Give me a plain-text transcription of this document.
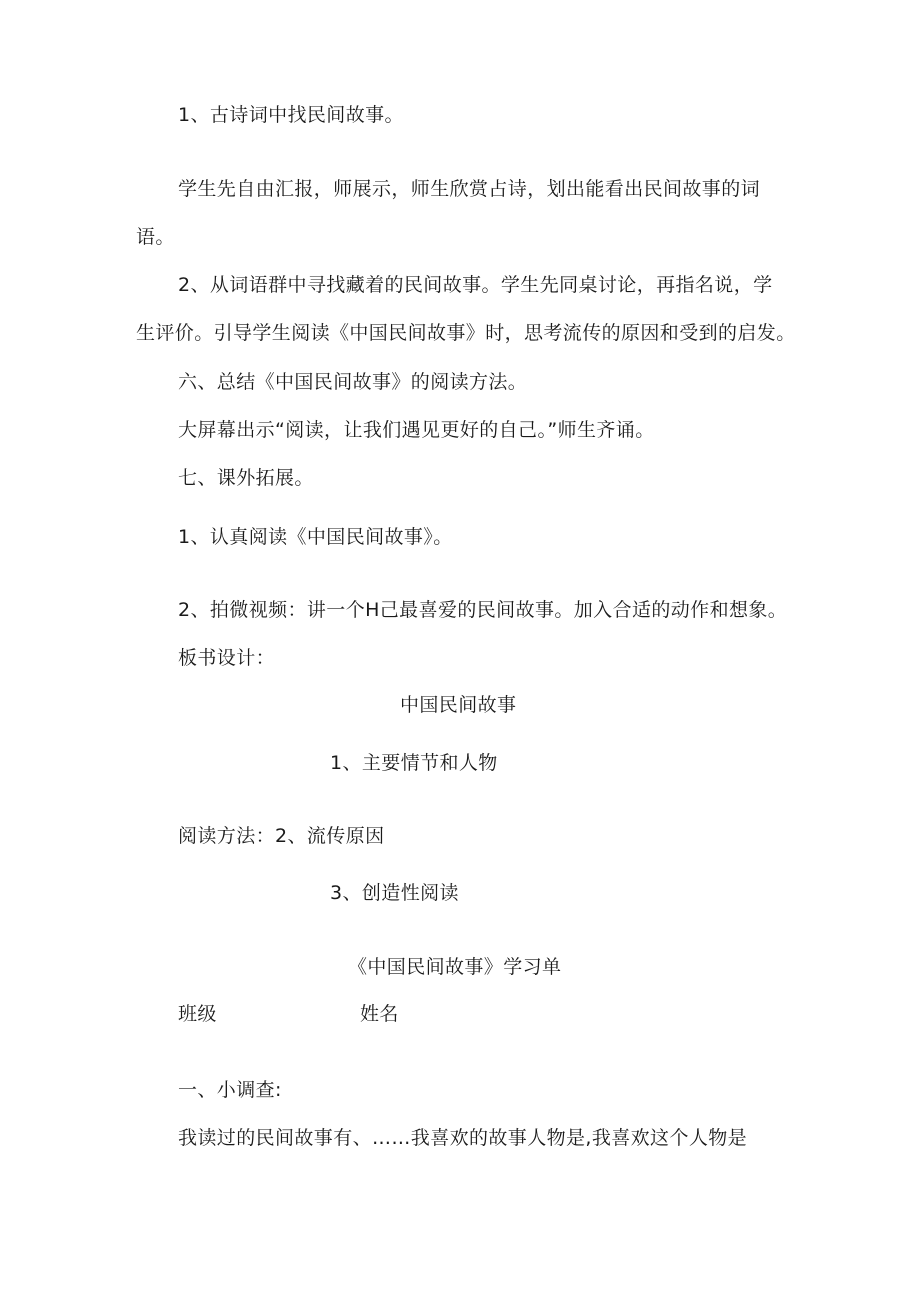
1、古诗词中找民间故事。
学生先自由汇报，师展示，师生欣赏占诗，划出能看出民间故事的词
语。
2、从词语群中寻找藏着的民间故事。学生先同桌讨论，再指名说，学
生评价。引导学生阅读《中国民间故事》时，思考流传的原因和受到的启发。
六、总结《中国民间故事》的阅读方法。
大屏幕出示“阅读，让我们遇见更好的自己。”师生齐诵。
七、课外拓展。
1、认真阅读《中国民间故事》。
2、拍微视频：讲一个H己最喜爱的民间故事。加入合适的动作和想象。
板书设计：
中国民间故事
1、主要情节和人物
阅读方法：2、流传原因
3、创造性阅读
《中国民间故事》学习单
班级	姓名
一、小调查:
我读过的民间故事有、……我喜欢的故事人物是,我喜欢这个人物是
